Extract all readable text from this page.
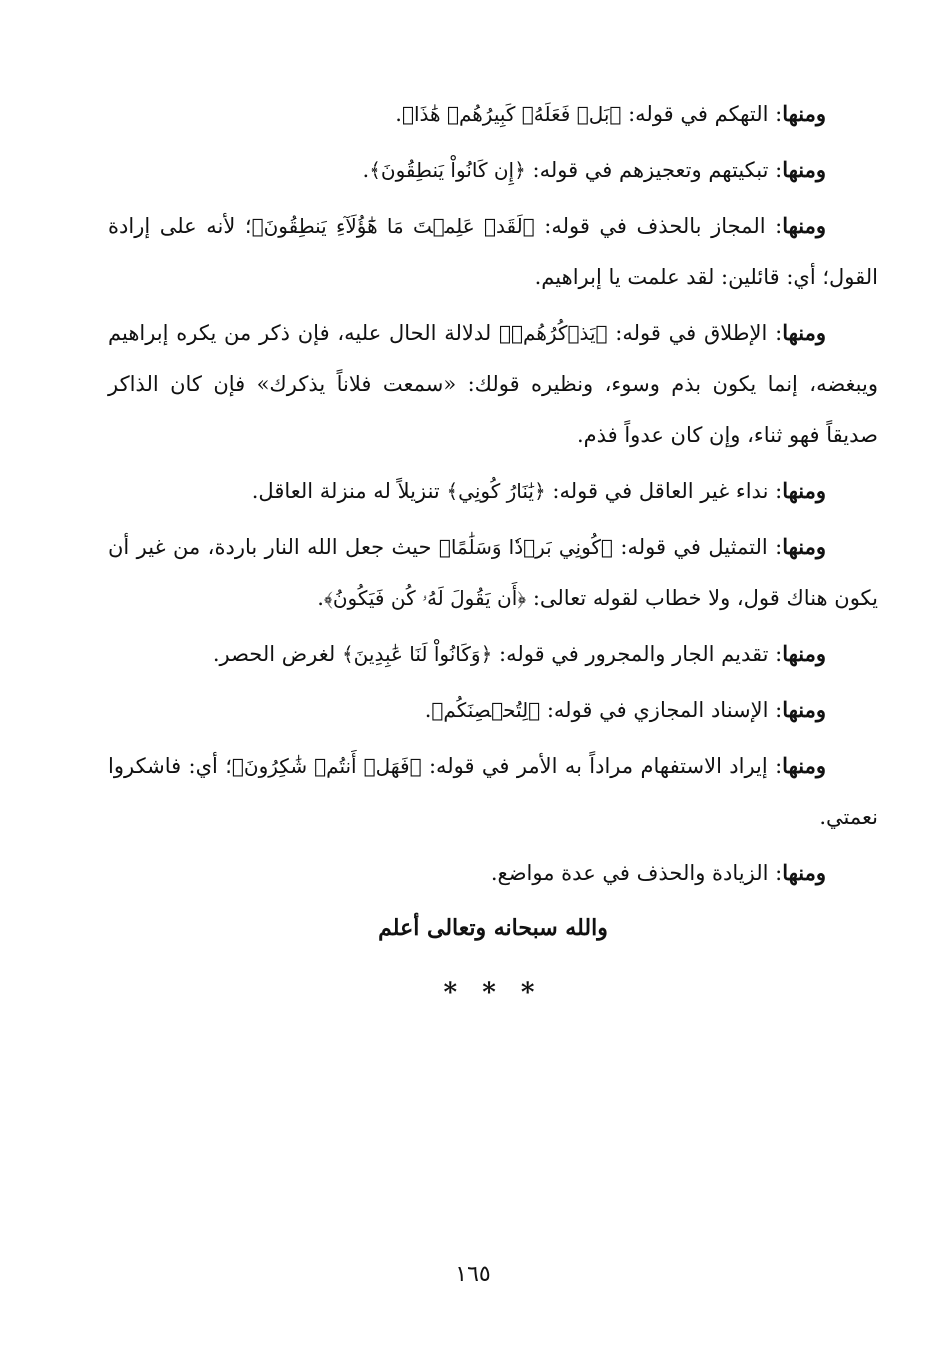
ومنها: التهكم في قوله: ﴿بَلۡ فَعَلَهُۥ كَبِيرُهُمۡ هَٰذَا﴾.

ومنها: تبكيتهم وتعجيزهم في قوله: ﴿إِن كَانُواْ يَنطِقُونَ﴾.

ومنها: المجاز بالحذف في قوله: ﴿لَقَدۡ عَلِمۡتَ مَا هَٰٓؤُلَآءِ يَنطِقُونَ﴾؛ لأنه على إرادة القول؛ أي: قائلين: لقد علمت يا إبراهيم.

ومنها: الإطلاق في قوله: ﴿يَذۡكُرُهُمۡ﴾ لدلالة الحال عليه، فإن ذكر من يكره إبراهيم ويبغضه، إنما يكون بذم وسوء، ونظيره قولك: «سمعت فلاناً يذكرك» فإن كان الذاكر صديقاً فهو ثناء، وإن كان عدواً فذم.

ومنها: نداء غير العاقل في قوله: ﴿يَٰنَارُ كُونِي﴾ تنزيلاً له منزلة العاقل.

ومنها: التمثيل في قوله: ﴿كُونِي بَرۡدٗا وَسَلَٰمًا﴾ حيث جعل الله النار باردة، من غير أن يكون هناك قول، ولا خطاب لقوله تعالى: ﴿أَن يَقُولَ لَهُۥ كُن فَيَكُونُ﴾.

ومنها: تقديم الجار والمجرور في قوله: ﴿وَكَانُواْ لَنَا عَٰبِدِينَ﴾ لغرض الحصر.

ومنها: الإسناد المجازي في قوله: ﴿لِتُحۡصِنَكُم﴾.

ومنها: إيراد الاستفهام مراداً به الأمر في قوله: ﴿فَهَلۡ أَنتُمۡ شَٰكِرُونَ﴾؛ أي: فاشكروا نعمتي.

ومنها: الزيادة والحذف في عدة مواضع.

والله سبحانه وتعالى أعلم
* * *
١٦٥
